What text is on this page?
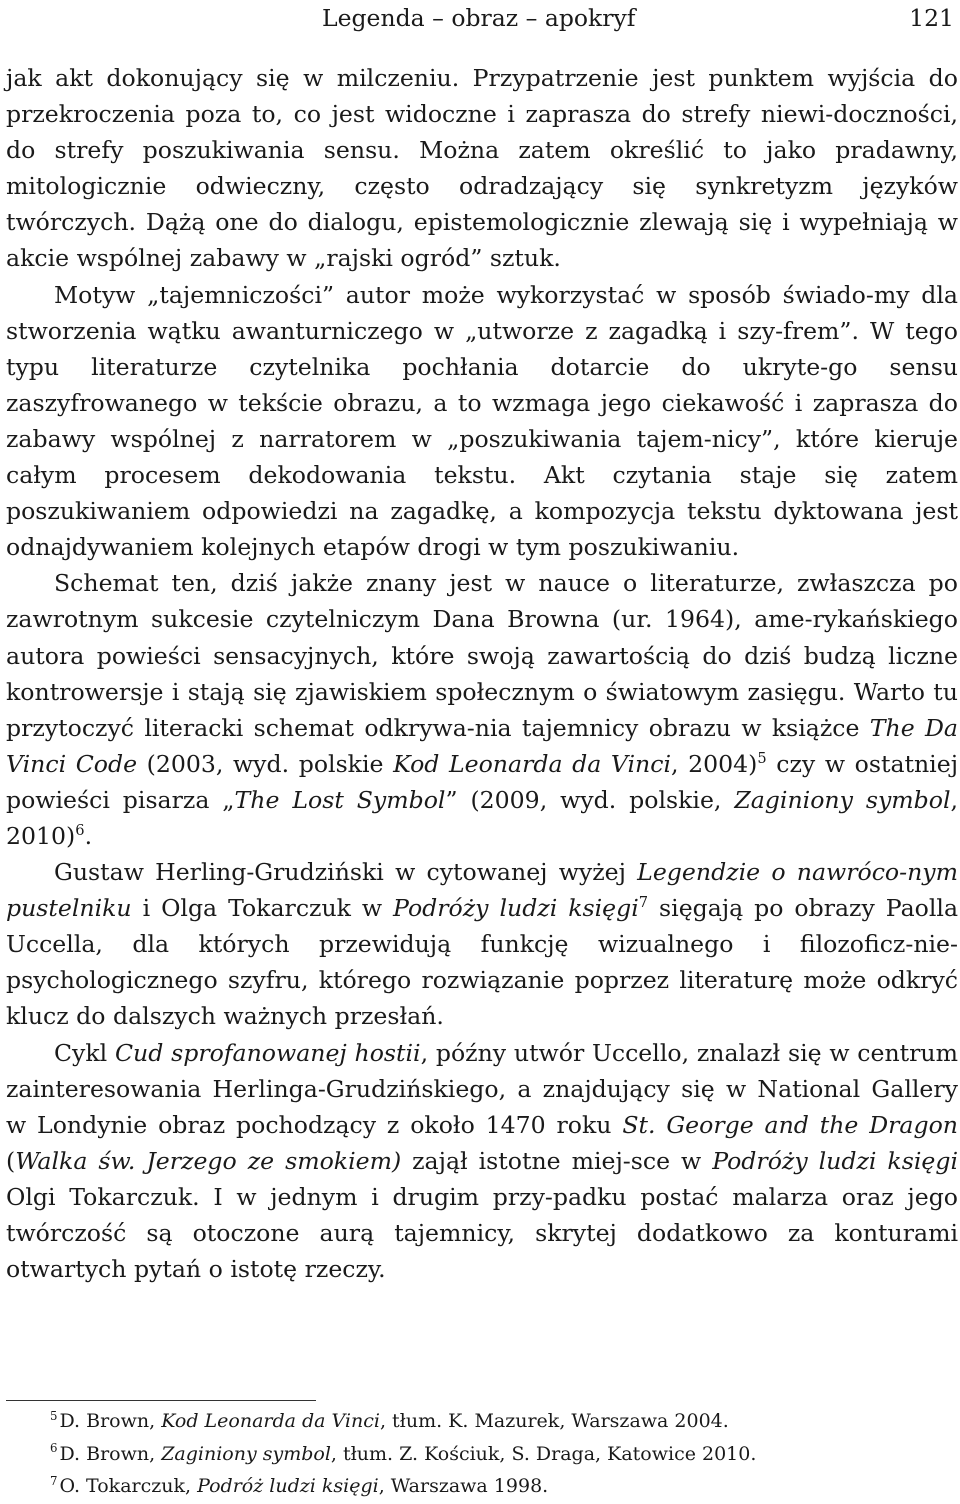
Legenda – obraz – apokryf	121

jak akt dokonujący się w milczeniu. Przypatrzenie jest punktem wyjścia do przekroczenia poza to, co jest widoczne i zaprasza do strefy niewi-doczności, do strefy poszukiwania sensu. Można zatem określić to jako pradawny, mitologicznie odwieczny, często odradzający się synkretyzm języków twórczych. Dążą one do dialogu, epistemologicznie zlewają się i wypełniają w akcie wspólnej zabawy w „rajski ogród” sztuk.

Motyw „tajemniczości” autor może wykorzystać w sposób świado-my dla stworzenia wątku awanturniczego w „utworze z zagadką i szy-frem”. W tego typu literaturze czytelnika pochłania dotarcie do ukryte-go sensu zaszyfrowanego w tekście obrazu, a to wzmaga jego ciekawość i zaprasza do zabawy wspólnej z narratorem w „poszukiwania tajem-nicy”, które kieruje całym procesem dekodowania tekstu. Akt czytania staje się zatem poszukiwaniem odpowiedzi na zagadkę, a kompozycja tekstu dyktowana jest odnajdywaniem kolejnych etapów drogi w tym poszukiwaniu.

Schemat ten, dziś jakże znany jest w nauce o literaturze, zwłaszcza po zawrotnym sukcesie czytelniczym Dana Browna (ur. 1964), ame-rykańskiego autora powieści sensacyjnych, które swoją zawartością do dziś budzą liczne kontrowersje i stają się zjawiskiem społecznym o światowym zasięgu. Warto tu przytoczyć literacki schemat odkrywa-nia tajemnicy obrazu w książce The Da Vinci Code (2003, wyd. polskie Kod Leonarda da Vinci, 2004)$^5$ czy w ostatniej powieści pisarza „The Lost Symbol” (2009, wyd. polskie, Zaginiony symbol, 2010)$^6$.

Gustaw Herling-Grudziński w cytowanej wyżej Legendzie o nawróco-nym pustelniku i Olga Tokarczuk w Podróży ludzi księgi$^7$ sięgają po obrazy Paolla Uccella, dla których przewidują funkcję wizualnego i filozoficz-nie-psychologicznego szyfru, którego rozwiązanie poprzez literaturę może odkryć klucz do dalszych ważnych przesłań.

Cykl Cud sprofanowanej hostii, późny utwór Uccello, znalazł się w centrum zainteresowania Herlinga-Grudzińskiego, a znajdujący się w National Gallery w Londynie obraz pochodzący z około 1470 roku St. George and the Dragon (Walka św. Jerzego ze smokiem) zajął istotne miej-sce w Podróży ludzi księgi Olgi Tokarczuk. I w jednym i drugim przy-padku postać malarza oraz jego twórczość są otoczone aurą tajemnicy, skrytej dodatkowo za konturami otwartych pytań o istotę rzeczy.

$^5$ D. Brown, Kod Leonarda da Vinci, tłum. K. Mazurek, Warszawa 2004.
$^6$ D. Brown, Zaginiony symbol, tłum. Z. Kościuk, S. Draga, Katowice 2010.
$^7$ O. Tokarczuk, Podróż ludzi księgi, Warszawa 1998.
